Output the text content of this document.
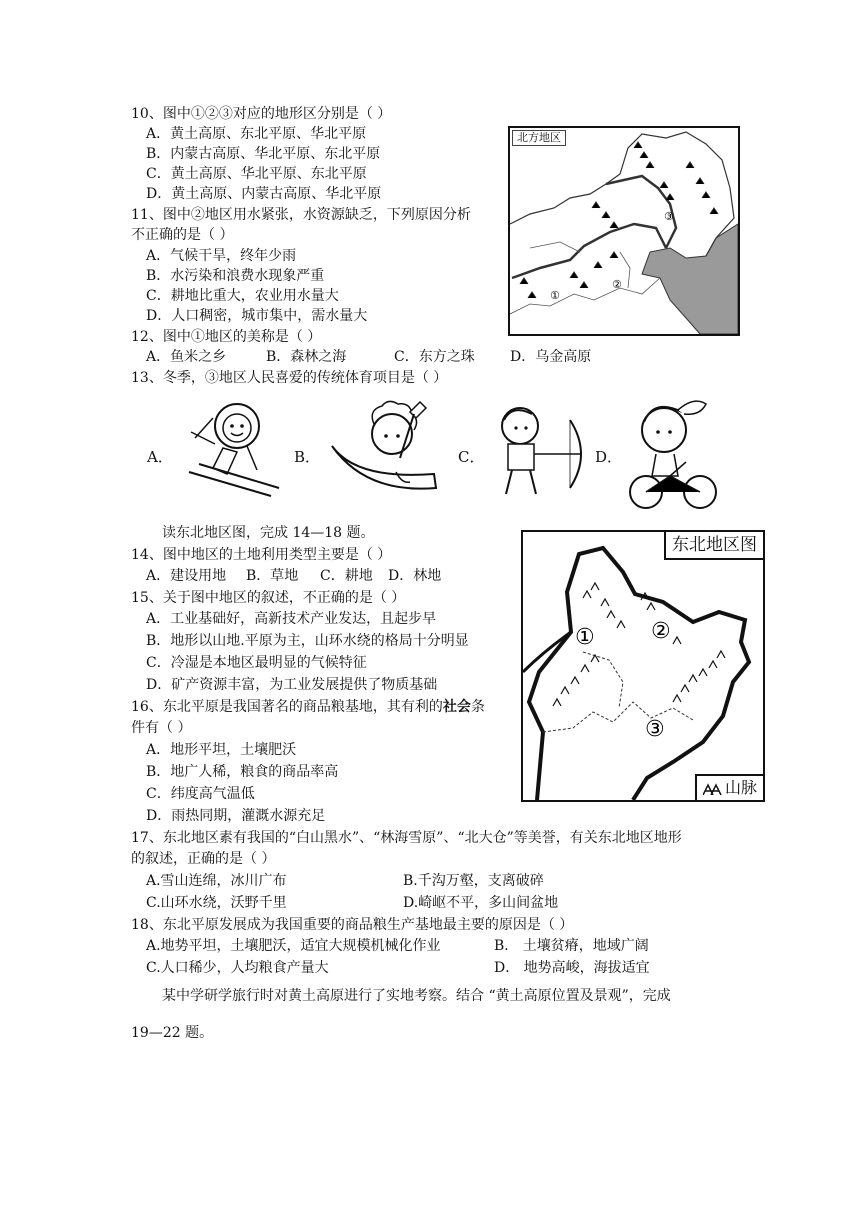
10、图中①②③对应的地形区分别是（ ）
A．黄土高原、东北平原、华北平原
B．内蒙古高原、华北平原、东北平原
C．黄土高原、华北平原、东北平原
D．黄土高原、内蒙古高原、华北平原
11、图中②地区用水紧张，水资源缺乏，下列原因分析
不正确的是（ ）
A．气候干旱，终年少雨
B．水污染和浪费水现象严重
C．耕地比重大，农业用水量大
D．人口稠密，城市集中，需水量大
12、图中①地区的美称是（ ）
A．鱼米之乡	B．森林之海	C．东方之珠	D．乌金高原
13、冬季，③地区人民喜爱的传统体育项目是（ ）
①
②
③
北方地区
A．	B．	C．	D．
读东北地区图，完成 14—18 题。
①	②
③
东北地区图
山脉
14、图中地区的土地利用类型主要是（ ）
A．建设用地 B．草地 C．耕地 D．林地
15、关于图中地区的叙述，不正确的是（ ）
A．工业基础好，高新技术产业发达，且起步早
B．地形以山地.平原为主，山环水绕的格局十分明显
C．冷湿是本地区最明显的气候特征
D．矿产资源丰富，为工业发展提供了物质基础
16、东北平原是我国著名的商品粮基地，其有利的社会条
件有（ ）
A．地形平坦，土壤肥沃
B．地广人稀，粮食的商品率高
C．纬度高气温低
D．雨热同期，灌溉水源充足
17、东北地区素有我国的“白山黑水”、“林海雪原”、“北大仓”等美誉，有关东北地区地形
的叙述，正确的是（ ）
A.雪山连绵，冰川广布	B.千沟万壑，支离破碎
C.山环水绕，沃野千里	D.崎岖不平，多山间盆地
18、东北平原发展成为我国重要的商品粮生产基地最主要的原因是（ ）
A.地势平坦，土壤肥沃，适宜大规模机械化作业	B． 土壤贫瘠，地域广阔
C.人口稀少，人均粮食产量大	D． 地势高峻，海拔适宜
某中学研学旅行时对黄土高原进行了实地考察。结合 “黄土高原位置及景观”，完成
19—22 题。
